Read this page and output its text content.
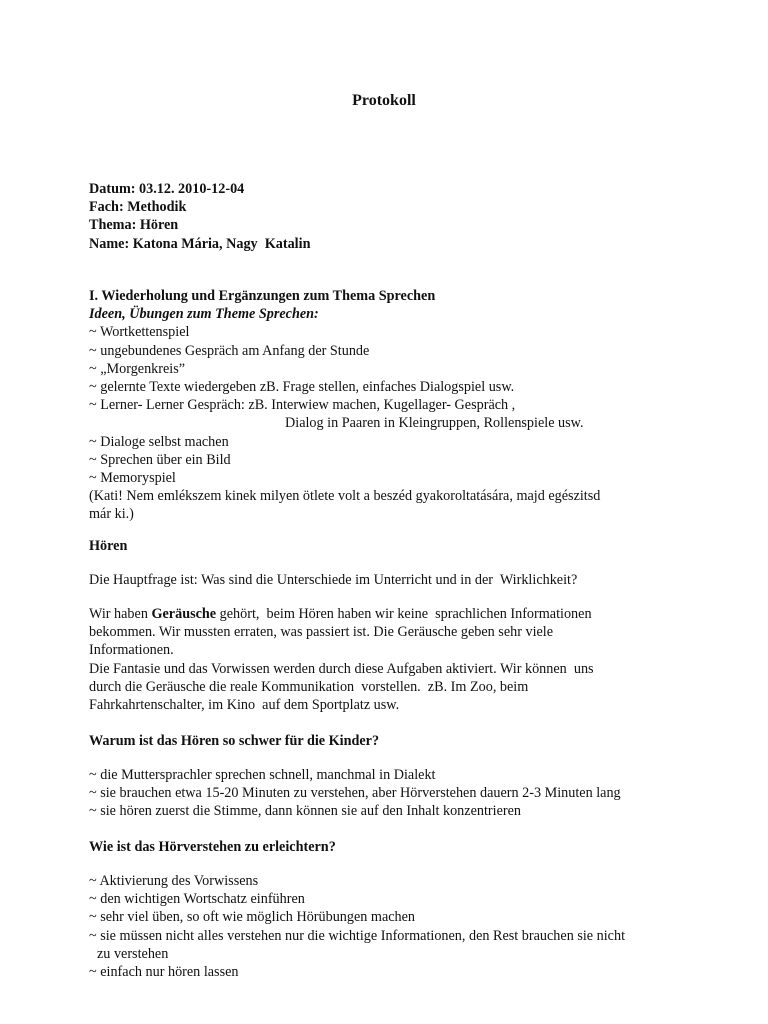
Protokoll
Datum: 03.12. 2010-12-04
Fach: Methodik
Thema: Hören
Name: Katona Mária, Nagy  Katalin
I. Wiederholung und Ergänzungen zum Thema Sprechen
Ideen, Übungen zum Theme Sprechen:
~ Wortkettenspiel
~ ungebundenes Gespräch am Anfang der Stunde
~ „Morgenkreis”
~ gelernte Texte wiedergeben zB. Frage stellen, einfaches Dialogspiel usw.
~ Lerner- Lerner Gespräch: zB. Interwiew machen, Kugellager- Gespräch ,
Dialog in Paaren in Kleingruppen, Rollenspiele usw.
~ Dialoge selbst machen
~ Sprechen über ein Bild
~ Memoryspiel
(Kati! Nem emlékszem kinek milyen ötlete volt a beszéd gyakoroltatására, majd egészitsd
már ki.)
Hören
Die Hauptfrage ist: Was sind die Unterschiede im Unterricht und in der  Wirklichkeit?
Wir haben Geräusche gehört,  beim Hören haben wir keine  sprachlichen Informationen
bekommen. Wir mussten erraten, was passiert ist. Die Geräusche geben sehr viele
Informationen.
Die Fantasie und das Vorwissen werden durch diese Aufgaben aktiviert. Wir können  uns
durch die Geräusche die reale Kommunikation  vorstellen.  zB. Im Zoo, beim
Fahrkahrtenschalter, im Kino  auf dem Sportplatz usw.
Warum ist das Hören so schwer für die Kinder?
~ die Muttersprachler sprechen schnell, manchmal in Dialekt
~ sie brauchen etwa 15-20 Minuten zu verstehen, aber Hörverstehen dauern 2-3 Minuten lang
~ sie hören zuerst die Stimme, dann können sie auf den Inhalt konzentrieren
Wie ist das Hörverstehen zu erleichtern?
~ Aktivierung des Vorwissens
~ den wichtigen Wortschatz einführen
~ sehr viel üben, so oft wie möglich Hörübungen machen
~ sie müssen nicht alles verstehen nur die wichtige Informationen, den Rest brauchen sie nicht
zu verstehen
~ einfach nur hören lassen
